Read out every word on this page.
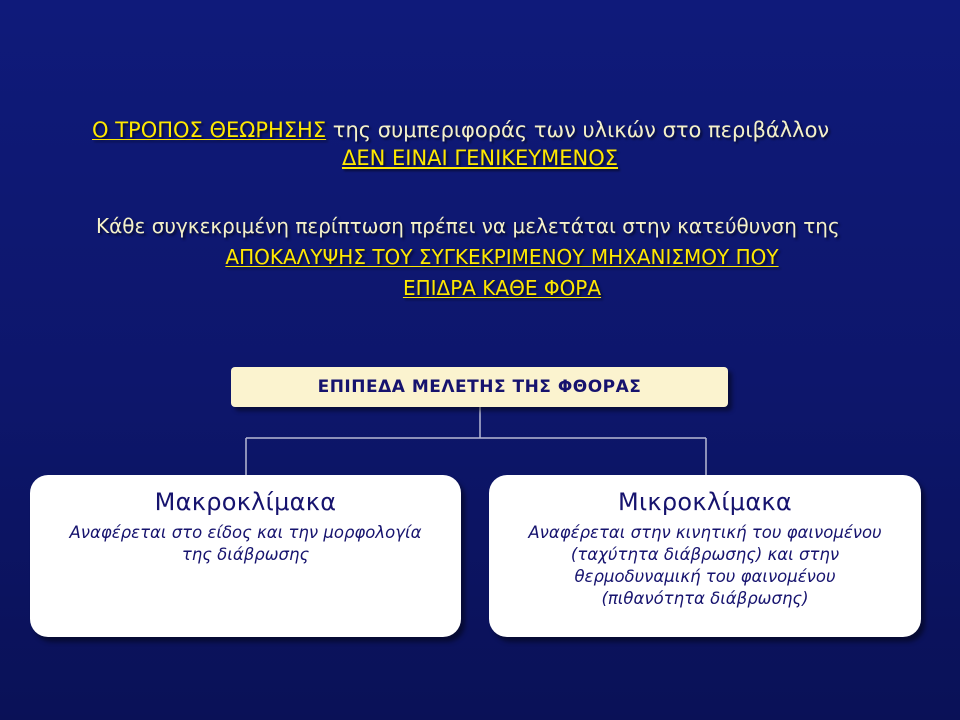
Ο ΤΡΟΠΟΣ ΘΕΩΡΗΣΗΣ της συμπεριφοράς των υλικών στο περιβάλλον
ΔΕΝ ΕΙΝΑΙ ΓΕΝΙΚΕΥΜΕΝΟΣ
Κάθε συγκεκριμένη περίπτωση πρέπει να μελετάται στην κατεύθυνση της
ΑΠΟΚΑΛΥΨΗΣ ΤΟΥ ΣΥΓΚΕΚΡΙΜΕΝΟΥ ΜΗΧΑΝΙΣΜΟΥ ΠΟΥ
ΕΠΙΔΡΑ ΚΑΘΕ ΦΟΡΑ
ΕΠΙΠΕΔΑ ΜΕΛΕΤΗΣ ΤΗΣ ΦΘΟΡΑΣ
Μακροκλίμακα
Αναφέρεται στο είδος και την μορφολογία
της διάβρωσης
Μικροκλίμακα
Αναφέρεται στην κινητική του φαινομένου
(ταχύτητα διάβρωσης) και στην
θερμοδυναμική του φαινομένου
(πιθανότητα διάβρωσης)
